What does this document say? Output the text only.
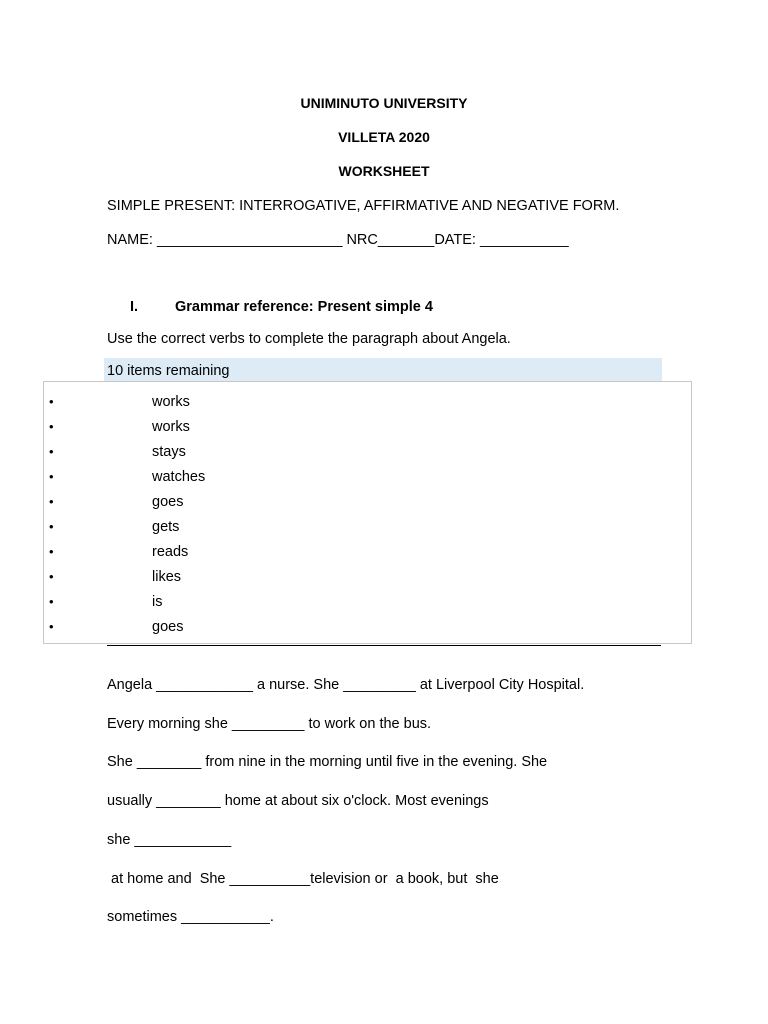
UNIMINUTO UNIVERSITY
VILLETA 2020
WORKSHEET
SIMPLE PRESENT: INTERROGATIVE, AFFIRMATIVE AND NEGATIVE FORM.
NAME: _______________________ NRC_______DATE: ___________
I.	Grammar reference: Present simple 4
Use the correct verbs to complete the paragraph about Angela.
10 items remaining
•	works
•	works
•	stays
•	watches
•	goes
•	gets
•	reads
•	likes
•	is
•	goes
Angela ____________ a nurse. She _________ at Liverpool City Hospital.
Every morning she _________ to work on the bus.
She ________ from nine in the morning until five in the evening. She
usually ________ home at about six o'clock. Most evenings
she ____________
at home and  She __________television or  a book, but  she
sometimes ___________.
